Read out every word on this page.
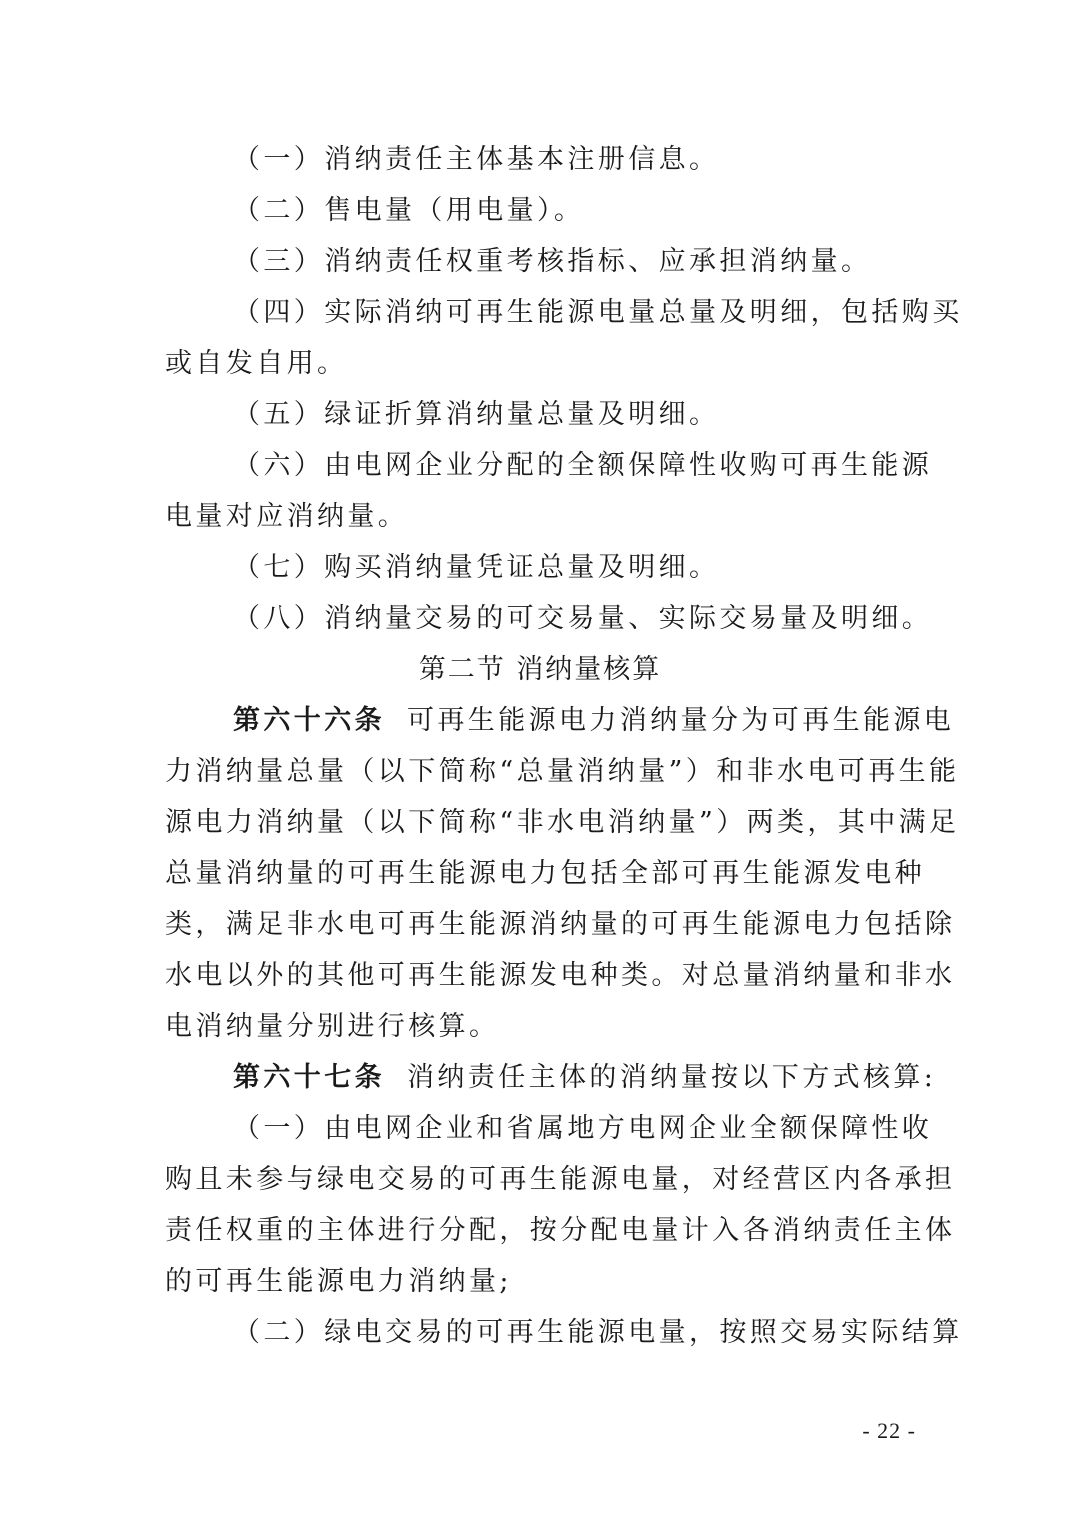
（一）消纳责任主体基本注册信息。
（二）售电量（用电量）。
（三）消纳责任权重考核指标、应承担消纳量。
（四）实际消纳可再生能源电量总量及明细，包括购买
或自发自用。
（五）绿证折算消纳量总量及明细。
（六）由电网企业分配的全额保障性收购可再生能源
电量对应消纳量。
（七）购买消纳量凭证总量及明细。
（八）消纳量交易的可交易量、实际交易量及明细。
第二节 消纳量核算
第六十六条 可再生能源电力消纳量分为可再生能源电
力消纳量总量（以下简称“总量消纳量”）和非水电可再生能
源电力消纳量（以下简称“非水电消纳量”）两类，其中满足
总量消纳量的可再生能源电力包括全部可再生能源发电种
类，满足非水电可再生能源消纳量的可再生能源电力包括除
水电以外的其他可再生能源发电种类。对总量消纳量和非水
电消纳量分别进行核算。
第六十七条 消纳责任主体的消纳量按以下方式核算:
（一）由电网企业和省属地方电网企业全额保障性收
购且未参与绿电交易的可再生能源电量，对经营区内各承担
责任权重的主体进行分配，按分配电量计入各消纳责任主体
的可再生能源电力消纳量;
（二）绿电交易的可再生能源电量，按照交易实际结算
- 22 -
